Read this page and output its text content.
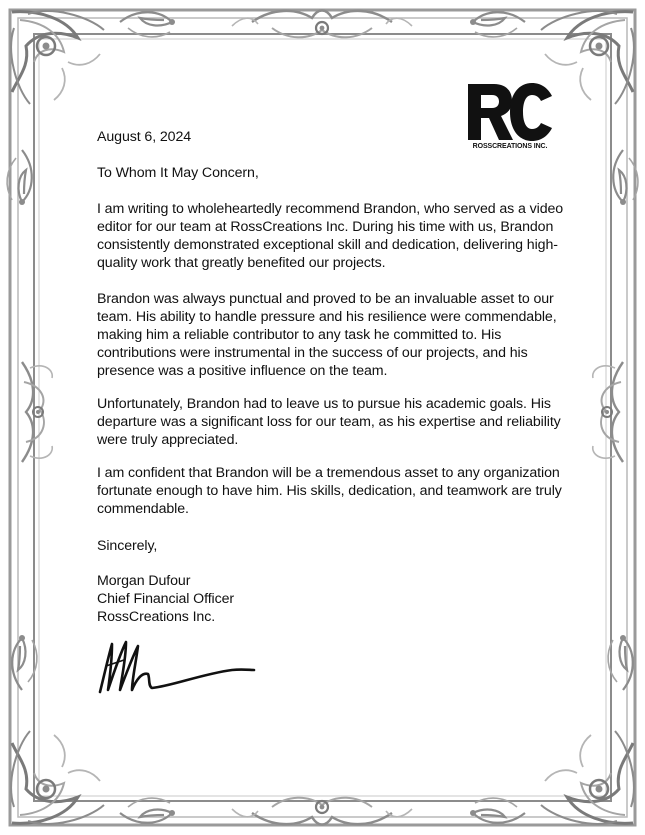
ROSSCREATIONS INC.
August 6, 2024
To Whom It May Concern,

I am writing to wholeheartedly recommend Brandon, who served as a video editor for our team at RossCreations Inc. During his time with us, Brandon consistently demonstrated exceptional skill and dedication, delivering high-quality work that greatly benefited our projects.

Brandon was always punctual and proved to be an invaluable asset to our team. His ability to handle pressure and his resilience were commendable, making him a reliable contributor to any task he committed to. His contributions were instrumental in the success of our projects, and his presence was a positive influence on the team.

Unfortunately, Brandon had to leave us to pursue his academic goals. His departure was a significant loss for our team, as his expertise and reliability were truly appreciated.

I am confident that Brandon will be a tremendous asset to any organization fortunate enough to have him. His skills, dedication, and teamwork are truly commendable.

Sincerely,
Morgan Dufour
Chief Financial Officer
RossCreations Inc.
